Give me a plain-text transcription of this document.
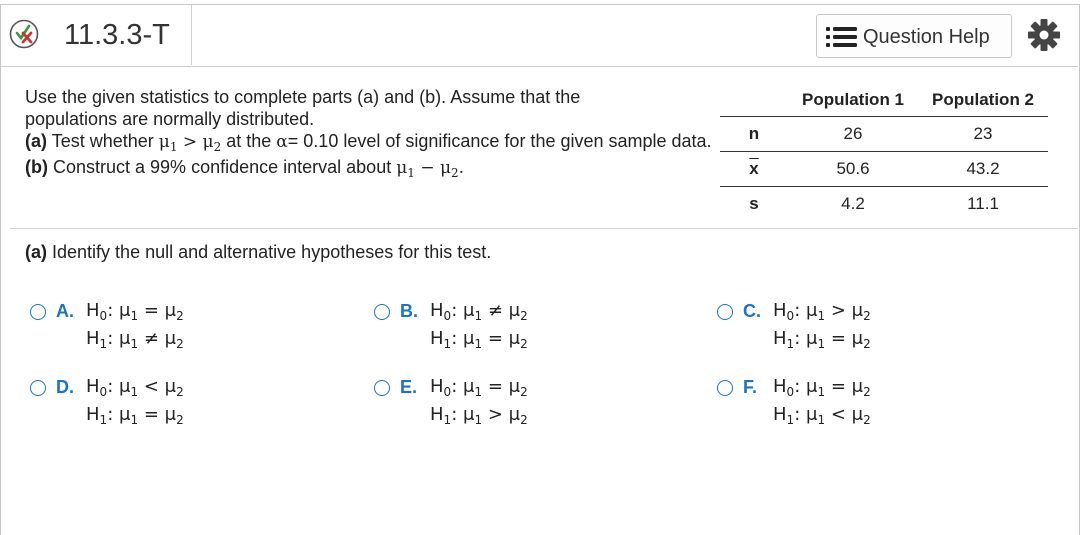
11.3.3-T	Question Help
Use the given statistics to complete parts (a) and (b). Assume that the populations are normally distributed.
(a) Test whether $\mu_1 > \mu_2$ at the α= 0.10 level of significance for the given sample data.
(b) Construct a 99% confidence interval about $\mu_1 - \mu_2$.
	Population 1	Population 2
n	26	23
$\overline{x}$	50.6	43.2
s	4.2	11.1
(a) Identify the null and alternative hypotheses for this test.
A. $H_0$: $\mu_1 = \mu_2$
$H_1$: $\mu_1 \ne \mu_2$
B. $H_0$: $\mu_1 \ne \mu_2$
$H_1$: $\mu_1 = \mu_2$
C. $H_0$: $\mu_1 > \mu_2$
$H_1$: $\mu_1 = \mu_2$
D. $H_0$: $\mu_1 < \mu_2$
$H_1$: $\mu_1 = \mu_2$
E. $H_0$: $\mu_1 = \mu_2$
$H_1$: $\mu_1 > \mu_2$
F. $H_0$: $\mu_1 = \mu_2$
$H_1$: $\mu_1 < \mu_2$
